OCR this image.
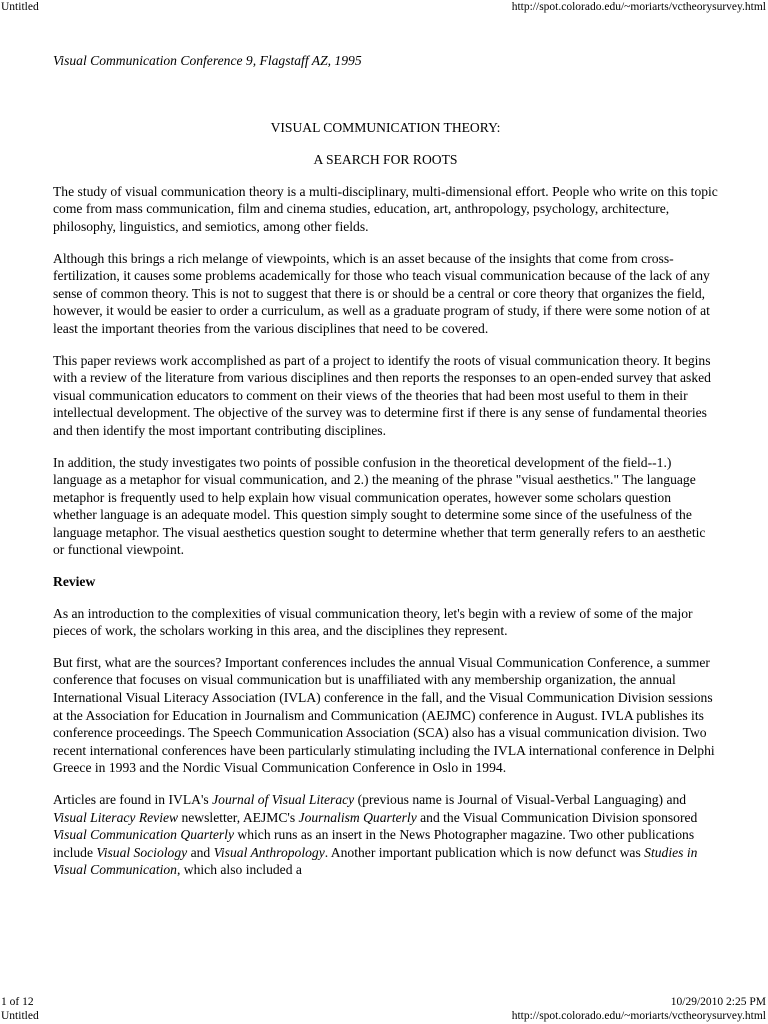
Untitled	http://spot.colorado.edu/~moriarts/vctheorysurvey.html

Visual Communication Conference 9, Flagstaff AZ, 1995

VISUAL COMMUNICATION THEORY:

A SEARCH FOR ROOTS

The study of visual communication theory is a multi-disciplinary, multi-dimensional effort. People who write on this topic come from mass communication, film and cinema studies, education, art, anthropology, psychology, architecture, philosophy, linguistics, and semiotics, among other fields.

Although this brings a rich melange of viewpoints, which is an asset because of the insights that come from cross-fertilization, it causes some problems academically for those who teach visual communication because of the lack of any sense of common theory. This is not to suggest that there is or should be a central or core theory that organizes the field, however, it would be easier to order a curriculum, as well as a graduate program of study, if there were some notion of at least the important theories from the various disciplines that need to be covered.

This paper reviews work accomplished as part of a project to identify the roots of visual communication theory. It begins with a review of the literature from various disciplines and then reports the responses to an open-ended survey that asked visual communication educators to comment on their views of the theories that had been most useful to them in their intellectual development. The objective of the survey was to determine first if there is any sense of fundamental theories and then identify the most important contributing disciplines.

In addition, the study investigates two points of possible confusion in the theoretical development of the field--1.) language as a metaphor for visual communication, and 2.) the meaning of the phrase "visual aesthetics." The language metaphor is frequently used to help explain how visual communication operates, however some scholars question whether language is an adequate model. This question simply sought to determine some since of the usefulness of the language metaphor. The visual aesthetics question sought to determine whether that term generally refers to an aesthetic or functional viewpoint.

Review

As an introduction to the complexities of visual communication theory, let's begin with a review of some of the major pieces of work, the scholars working in this area, and the disciplines they represent.

But first, what are the sources? Important conferences includes the annual Visual Communication Conference, a summer conference that focuses on visual communication but is unaffiliated with any membership organization, the annual International Visual Literacy Association (IVLA) conference in the fall, and the Visual Communication Division sessions at the Association for Education in Journalism and Communication (AEJMC) conference in August. IVLA publishes its conference proceedings. The Speech Communication Association (SCA) also has a visual communication division. Two recent international conferences have been particularly stimulating including the IVLA international conference in Delphi Greece in 1993 and the Nordic Visual Communication Conference in Oslo in 1994.

Articles are found in IVLA's Journal of Visual Literacy (previous name is Journal of Visual-Verbal Languaging) and Visual Literacy Review newsletter, AEJMC's Journalism Quarterly and the Visual Communication Division sponsored Visual Communication Quarterly which runs as an insert in the News Photographer magazine. Two other publications include Visual Sociology and Visual Anthropology. Another important publication which is now defunct was Studies in Visual Communication, which also included a

1 of 12	10/29/2010 2:25 PM
Untitled	http://spot.colorado.edu/~moriarts/vctheorysurvey.html
